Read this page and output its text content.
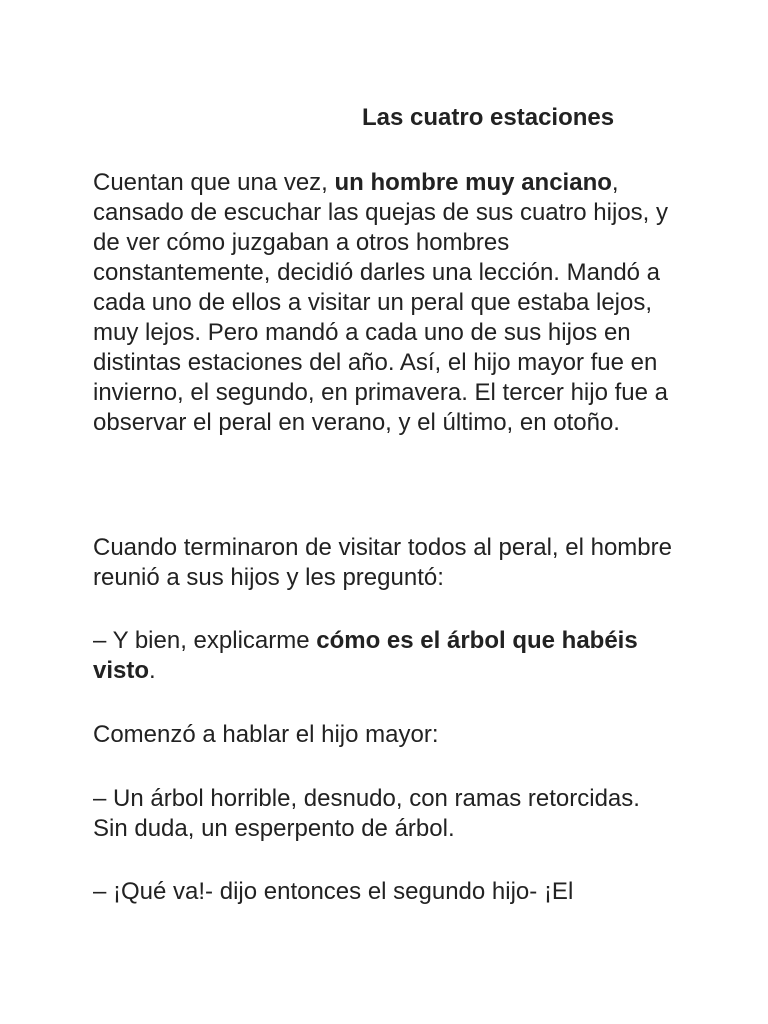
Las cuatro estaciones

Cuentan que una vez, un hombre muy anciano, cansado de escuchar las quejas de sus cuatro hijos, y de ver cómo juzgaban a otros hombres constantemente, decidió darles una lección. Mandó a cada uno de ellos a visitar un peral que estaba lejos, muy lejos. Pero mandó a cada uno de sus hijos en distintas estaciones del año. Así, el hijo mayor fue en invierno, el segundo, en primavera. El tercer hijo fue a observar el peral en verano, y el último, en otoño.

Cuando terminaron de visitar todos al peral, el hombre reunió a sus hijos y les preguntó:

– Y bien, explicarme cómo es el árbol que habéis visto.

Comenzó a hablar el hijo mayor:

– Un árbol horrible, desnudo, con ramas retorcidas. Sin duda, un esperpento de árbol.

– ¡Qué va!- dijo entonces el segundo hijo- ¡El
